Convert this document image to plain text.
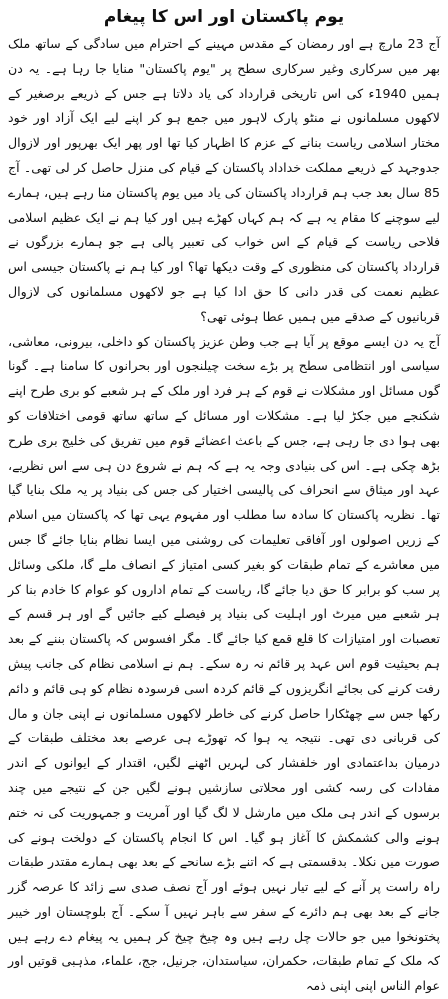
یوم پاکستان اور اس کا پیغام

آج 23 مارچ ہے اور رمضان کے مقدس مہینے کے احترام میں سادگی کے ساتھ ملک بھر میں سرکاری وغیر سرکاری سطح پر "یوم پاکستان" منایا جا رہا ہے۔ یہ دن ہمیں 1940ء کی اس تاریخی قرارداد کی یاد دلاتا ہے جس کے ذریعے برصغیر کے لاکھوں مسلمانوں نے منٹو پارک لاہور میں جمع ہو کر اپنے لیے ایک آزاد اور خود مختار اسلامی ریاست بنانے کے عزم کا اظہار کیا تھا اور پھر ایک بھرپور اور لازوال جدوجہد کے ذریعے مملکت خداداد پاکستان کے قیام کی منزل حاصل کر لی تھی۔ آج 85 سال بعد جب ہم قرارداد پاکستان کی یاد میں یوم پاکستان منا رہے ہیں، ہمارے لیے سوچنے کا مقام یہ ہے کہ ہم کہاں کھڑے ہیں اور کیا ہم نے ایک عظیم اسلامی فلاحی ریاست کے قیام کے اس خواب کی تعبیر پالی ہے جو ہمارے بزرگوں نے قرارداد پاکستان کی منظوری کے وقت دیکھا تھا؟ اور کیا ہم نے پاکستان جیسی اس عظیم نعمت کی قدر دانی کا حق ادا کیا ہے جو لاکھوں مسلمانوں کی لازوال قربانیوں کے صدقے میں ہمیں عطا ہوئی تھی؟

آج یہ دن ایسے موقع پر آیا ہے جب وطن عزیز پاکستان کو داخلی، بیرونی، معاشی، سیاسی اور انتظامی سطح پر بڑے سخت چیلنجوں اور بحرانوں کا سامنا ہے۔ گونا گوں مسائل اور مشکلات نے قوم کے ہر فرد اور ملک کے ہر شعبے کو بری طرح اپنے شکنجے میں جکڑ لیا ہے۔ مشکلات اور مسائل کے ساتھ ساتھ قومی اختلافات کو بھی ہوا دی جا رہی ہے، جس کے باعث اعضائے قوم میں تفریق کی خلیج بری طرح بڑھ چکی ہے۔ اس کی بنیادی وجہ یہ ہے کہ ہم نے شروع دن ہی سے اس نظریے، عہد اور میثاق سے انحراف کی پالیسی اختیار کی جس کی بنیاد پر یہ ملک بنایا گیا تھا۔ نظریہ پاکستان کا سادہ سا مطلب اور مفہوم یہی تھا کہ پاکستان میں اسلام کے زریں اصولوں اور آفاقی تعلیمات کی روشنی میں ایسا نظام بنایا جائے گا جس میں معاشرے کے تمام طبقات کو بغیر کسی امتیاز کے انصاف ملے گا، ملکی وسائل پر سب کو برابر کا حق دیا جائے گا، ریاست کے تمام اداروں کو عوام کا خادم بنا کر ہر شعبے میں میرٹ اور اہلیت کی بنیاد پر فیصلے کیے جائیں گے اور ہر قسم کے تعصبات اور امتیازات کا قلع قمع کیا جائے گا۔ مگر افسوس کہ پاکستان بننے کے بعد ہم بحیثیت قوم اس عہد پر قائم نہ رہ سکے۔ ہم نے اسلامی نظام کی جانب پیش رفت کرنے کی بجائے انگریزوں کے قائم کردہ اسی فرسودہ نظام کو ہی قائم و دائم رکھا جس سے چھٹکارا حاصل کرنے کی خاطر لاکھوں مسلمانوں نے اپنی جان و مال کی قربانی دی تھی۔ نتیجہ یہ ہوا کہ تھوڑے ہی عرصے بعد مختلف طبقات کے درمیان بداعتمادی اور خلفشار کی لہریں اٹھنے لگیں، اقتدار کے ایوانوں کے اندر مفادات کی رسہ کشی اور محلاتی سازشیں ہونے لگیں جن کے نتیجے میں چند برسوں کے اندر ہی ملک میں مارشل لا لگ گیا اور آمریت و جمہوریت کی نہ ختم ہونے والی کشمکش کا آغاز ہو گیا۔ اس کا انجام پاکستان کے دولخت ہونے کی صورت میں نکلا۔ بدقسمتی ہے کہ اتنے بڑے سانحے کے بعد بھی ہمارے مقتدر طبقات راہ راست پر آنے کے لیے تیار نہیں ہوئے اور آج نصف صدی سے زائد کا عرصہ گزر جانے کے بعد بھی ہم دائرے کے سفر سے باہر نہیں آ سکے۔ آج بلوچستان اور خیبر پختونخوا میں جو حالات چل رہے ہیں وہ چیخ چیخ کر ہمیں یہ پیغام دے رہے ہیں کہ ملک کے تمام طبقات، حکمران، سیاستدان، جرنیل، جج، علماء، مذہبی قوتیں اور عوام الناس اپنی اپنی ذمہ
